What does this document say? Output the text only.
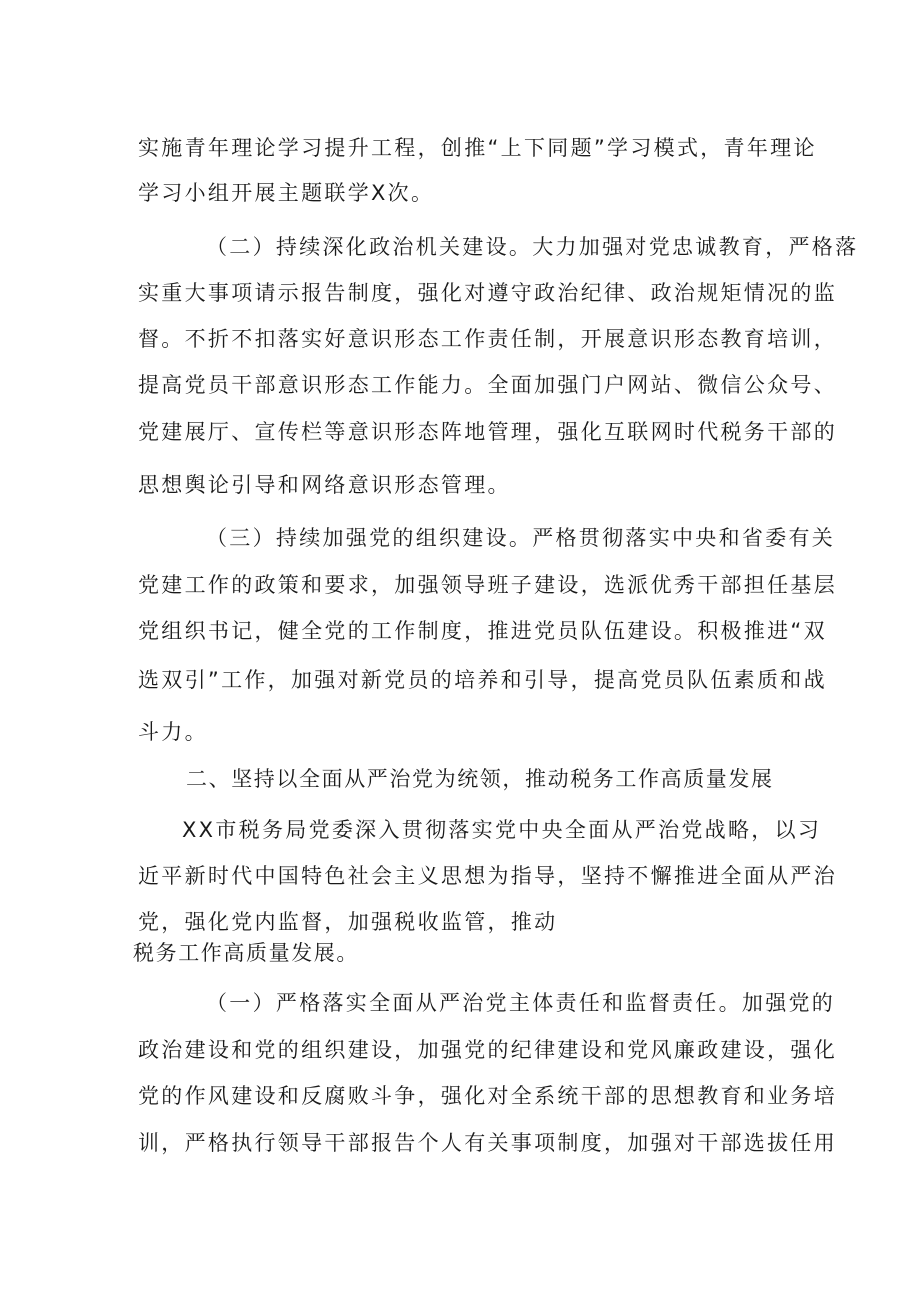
实施青年理论学习提升工程，创推“上下同题”学习模式，青年理论
学习小组开展主题联学X次。
（二）持续深化政治机关建设。大力加强对党忠诚教育，严格落
实重大事项请示报告制度，强化对遵守政治纪律、政治规矩情况的监
督。不折不扣落实好意识形态工作责任制，开展意识形态教育培训，
提高党员干部意识形态工作能力。全面加强门户网站、微信公众号、
党建展厅、宣传栏等意识形态阵地管理，强化互联网时代税务干部的
思想舆论引导和网络意识形态管理。
（三）持续加强党的组织建设。严格贯彻落实中央和省委有关
党建工作的政策和要求，加强领导班子建设，选派优秀干部担任基层
党组织书记，健全党的工作制度，推进党员队伍建设。积极推进“双
选双引”工作，加强对新党员的培养和引导，提高党员队伍素质和战
斗力。
二、坚持以全面从严治党为统领，推动税务工作高质量发展
XX市税务局党委深入贯彻落实党中央全面从严治党战略，以习
近平新时代中国特色社会主义思想为指导，坚持不懈推进全面从严治
党，强化党内监督，加强税收监管，推动
税务工作高质量发展。
（一）严格落实全面从严治党主体责任和监督责任。加强党的
政治建设和党的组织建设，加强党的纪律建设和党风廉政建设，强化
党的作风建设和反腐败斗争，强化对全系统干部的思想教育和业务培
训，严格执行领导干部报告个人有关事项制度，加强对干部选拔任用
